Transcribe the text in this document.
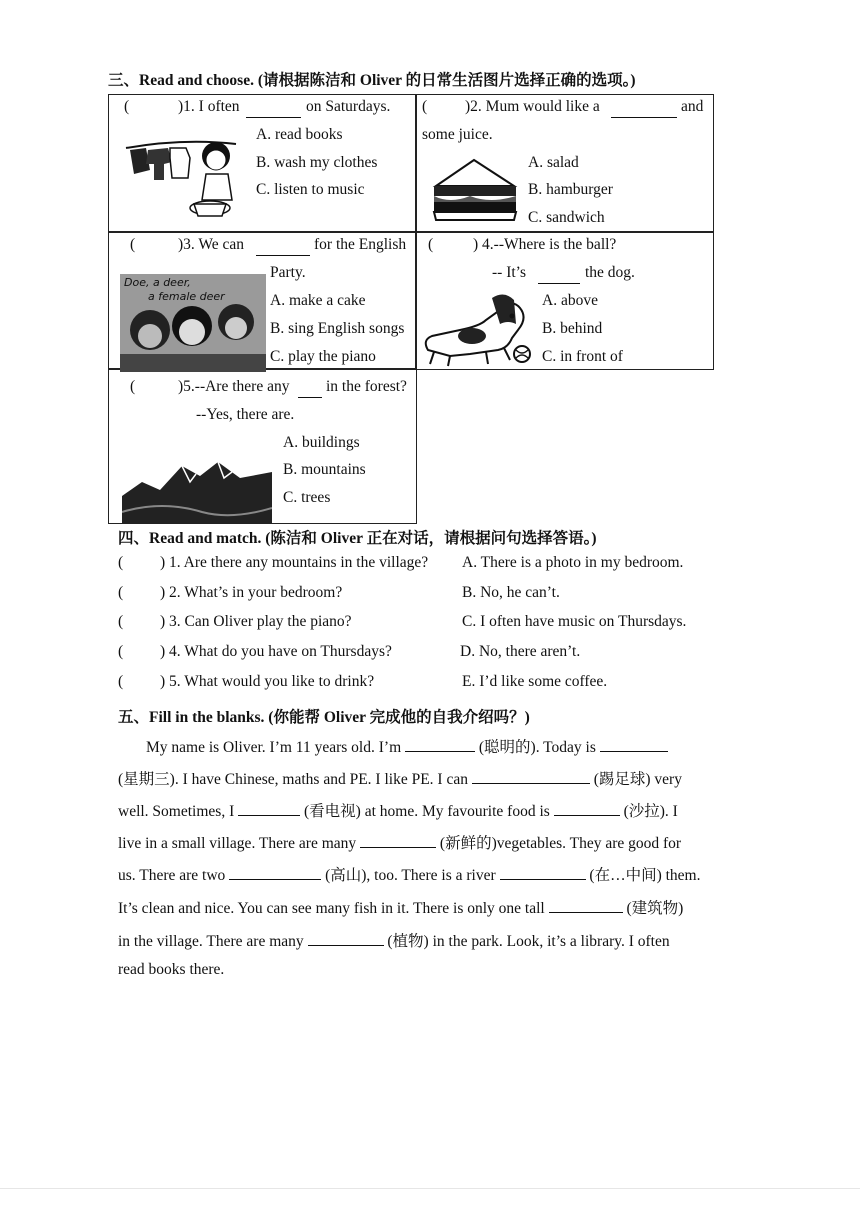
三、Read and choose. (请根据陈洁和 Oliver 的日常生活图片选择正确的选项。)
(	)1. I often	on Saturdays.
A. read books
B. wash my clothes
C. listen to music
( )2. Mum would like a	and
some juice.
A. salad
B. hamburger
C. sandwich
(	)3. We can	for the English
Party.
A. make a cake
B. sing English songs
C. play the piano
Doe, a deer,
a female deer
(	) 4.--Where is the ball?
-- It’s	the dog.
A. above
B. behind
C. in front of
(	)5.--Are there any in the forest?
--Yes, there are.
A. buildings
B. mountains
C. trees
四、Read and match. (陈洁和 Oliver 正在对话，请根据问句选择答语。)
( ) 1. Are there any mountains in the village? A. There is a photo in my bedroom.
( ) 2. What’s in your bedroom?	B. No, he can’t.
( ) 3. Can Oliver play the piano?	C. I often have music on Thursdays.
( ) 4. What do you have on Thursdays?	D. No, there aren’t.
( ) 5. What would you like to drink?	E. I’d like some coffee.
五、Fill in the blanks. (你能帮 Oliver 完成他的自我介绍吗？)
My name is Oliver. I’m 11 years old. I’m	(聪明的). Today is
(星期三). I have Chinese, maths and PE. I like PE. I can	(踢足球) very
well. Sometimes, I	(看电视) at home. My favourite food is	(沙拉). I
live in a small village. There are many	(新鲜的)vegetables. They are good for
us. There are two	(高山), too. There is a river	(在…中间) them.
It’s clean and nice. You can see many fish in it. There is only one tall	(建筑物)
in the village. There are many	(植物) in the park. Look, it’s a library. I often
read books there.
